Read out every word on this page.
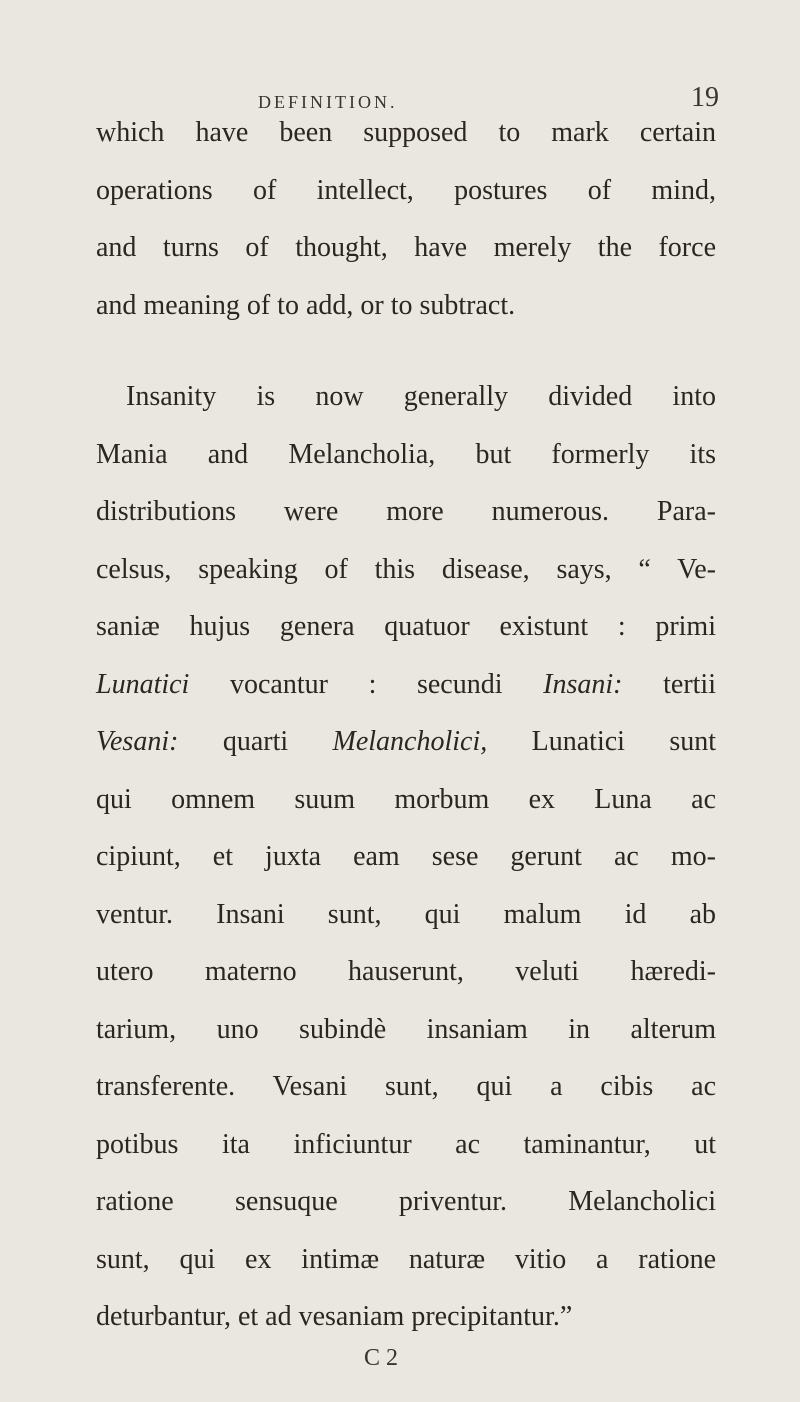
DEFINITION.	19
which have been supposed to mark certain
operations of intellect, postures of mind,
and turns of thought, have merely the force
and meaning of to add, or to subtract.
Insanity is now generally divided into
Mania and Melancholia, but formerly its
distributions were more numerous. Para-
celsus, speaking of this disease, says, “ Ve-
saniæ hujus genera quatuor existunt : primi
Lunatici vocantur : secundi Insani: tertii
Vesani: quarti Melancholici, Lunatici sunt
qui omnem suum morbum ex Luna ac
cipiunt, et juxta eam sese gerunt ac mo-
ventur. Insani sunt, qui malum id ab
utero materno hauserunt, veluti hæredi-
tarium, uno subindè insaniam in alterum
transferente. Vesani sunt, qui a cibis ac
potibus ita inficiuntur ac taminantur, ut
ratione sensuque priventur. Melancholici
sunt, qui ex intimæ naturæ vitio a ratione
deturbantur, et ad vesaniam precipitantur.”
C 2
